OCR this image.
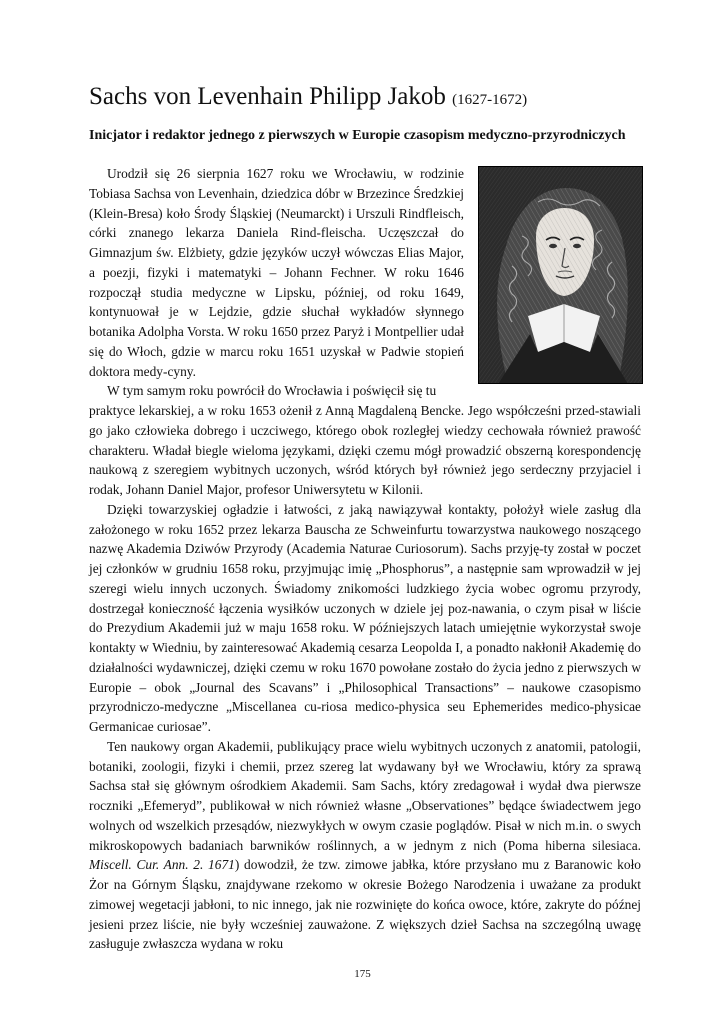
Sachs von Levenhain Philipp Jakob (1627-1672)
Inicjator i redaktor jednego z pierwszych w Europie czasopism medyczno-przyrodniczych

Urodził się 26 sierpnia 1627 roku we Wrocławiu, w rodzinie Tobiasa Sachsa von Levenhain, dziedzica dóbr w Brzezince Średzkiej (Klein-Bresa) koło Środy Śląskiej (Neumarckt) i Urszuli Rindfleisch, córki znanego lekarza Daniela Rind-fleischa. Uczęszczał do Gimnazjum św. Elżbiety, gdzie języków uczył wówczas Elias Major, a poezji, fizyki i matematyki – Johann Fechner. W roku 1646 rozpoczął studia medyczne w Lipsku, później, od roku 1649, kontynuował je w Lejdzie, gdzie słuchał wykładów słynnego botanika Adolpha Vorsta. W roku 1650 przez Paryż i Montpellier udał się do Włoch, gdzie w marcu roku 1651 uzyskał w Padwie stopień doktora medy-cyny.

W tym samym roku powrócił do Wrocławia i poświęcił się tu

praktyce lekarskiej, a w roku 1653 ożenił z Anną Magdaleną Bencke. Jego współcześni przed-stawiali go jako człowieka dobrego i uczciwego, którego obok rozległej wiedzy cechowała również prawość charakteru. Władał biegle wieloma językami, dzięki czemu mógł prowadzić obszerną korespondencję naukową z szeregiem wybitnych uczonych, wśród których był również jego serdeczny przyjaciel i rodak, Johann Daniel Major, profesor Uniwersytetu w Kilonii.

Dzięki towarzyskiej ogładzie i łatwości, z jaką nawiązywał kontakty, położył wiele zasług dla założonego w roku 1652 przez lekarza Bauscha ze Schweinfurtu towarzystwa naukowego noszącego nazwę Akademia Dziwów Przyrody (Academia Naturae Curiosorum). Sachs przyję-ty został w poczet jej członków w grudniu 1658 roku, przyjmując imię „Phosphorus”, a następnie sam wprowadził w jej szeregi wielu innych uczonych. Świadomy znikomości ludzkiego życia wobec ogromu przyrody, dostrzegał konieczność łączenia wysiłków uczonych w dziele jej poz-nawania, o czym pisał w liście do Prezydium Akademii już w maju 1658 roku. W późniejszych latach umiejętnie wykorzystał swoje kontakty w Wiedniu, by zainteresować Akademią cesarza Leopolda I, a ponadto nakłonił Akademię do działalności wydawniczej, dzięki czemu w roku 1670 powołane zostało do życia jedno z pierwszych w Europie – obok „Journal des Scavans” i „Philosophical Transactions” – naukowe czasopismo przyrodniczo-medyczne „Miscellanea cu-riosa medico-physica seu Ephemerides medico-physicae Germanicae curiosae”.

Ten naukowy organ Akademii, publikujący prace wielu wybitnych uczonych z anatomii, patologii, botaniki, zoologii, fizyki i chemii, przez szereg lat wydawany był we Wrocławiu, który za sprawą Sachsa stał się głównym ośrodkiem Akademii. Sam Sachs, który zredagował i wydał dwa pierwsze roczniki „Efemeryd”, publikował w nich również własne „Observationes” będące świadectwem jego wolnych od wszelkich przesądów, niezwykłych w owym czasie poglądów. Pisał w nich m.in. o swych mikroskopowych badaniach barwników roślinnych, a w jednym z nich (Poma hiberna silesiaca. Miscell. Cur. Ann. 2. 1671) dowodził, że tzw. zimowe jabłka, które przysłano mu z Baranowic koło Żor na Górnym Śląsku, znajdywane rzekomo w okresie Bożego Narodzenia i uważane za produkt zimowej wegetacji jabłoni, to nic innego, jak nie rozwinięte do końca owoce, które, zakryte do późnej jesieni przez liście, nie były wcześniej zauważone. Z większych dzieł Sachsa na szczególną uwagę zasługuje zwłaszcza wydana w roku

175
